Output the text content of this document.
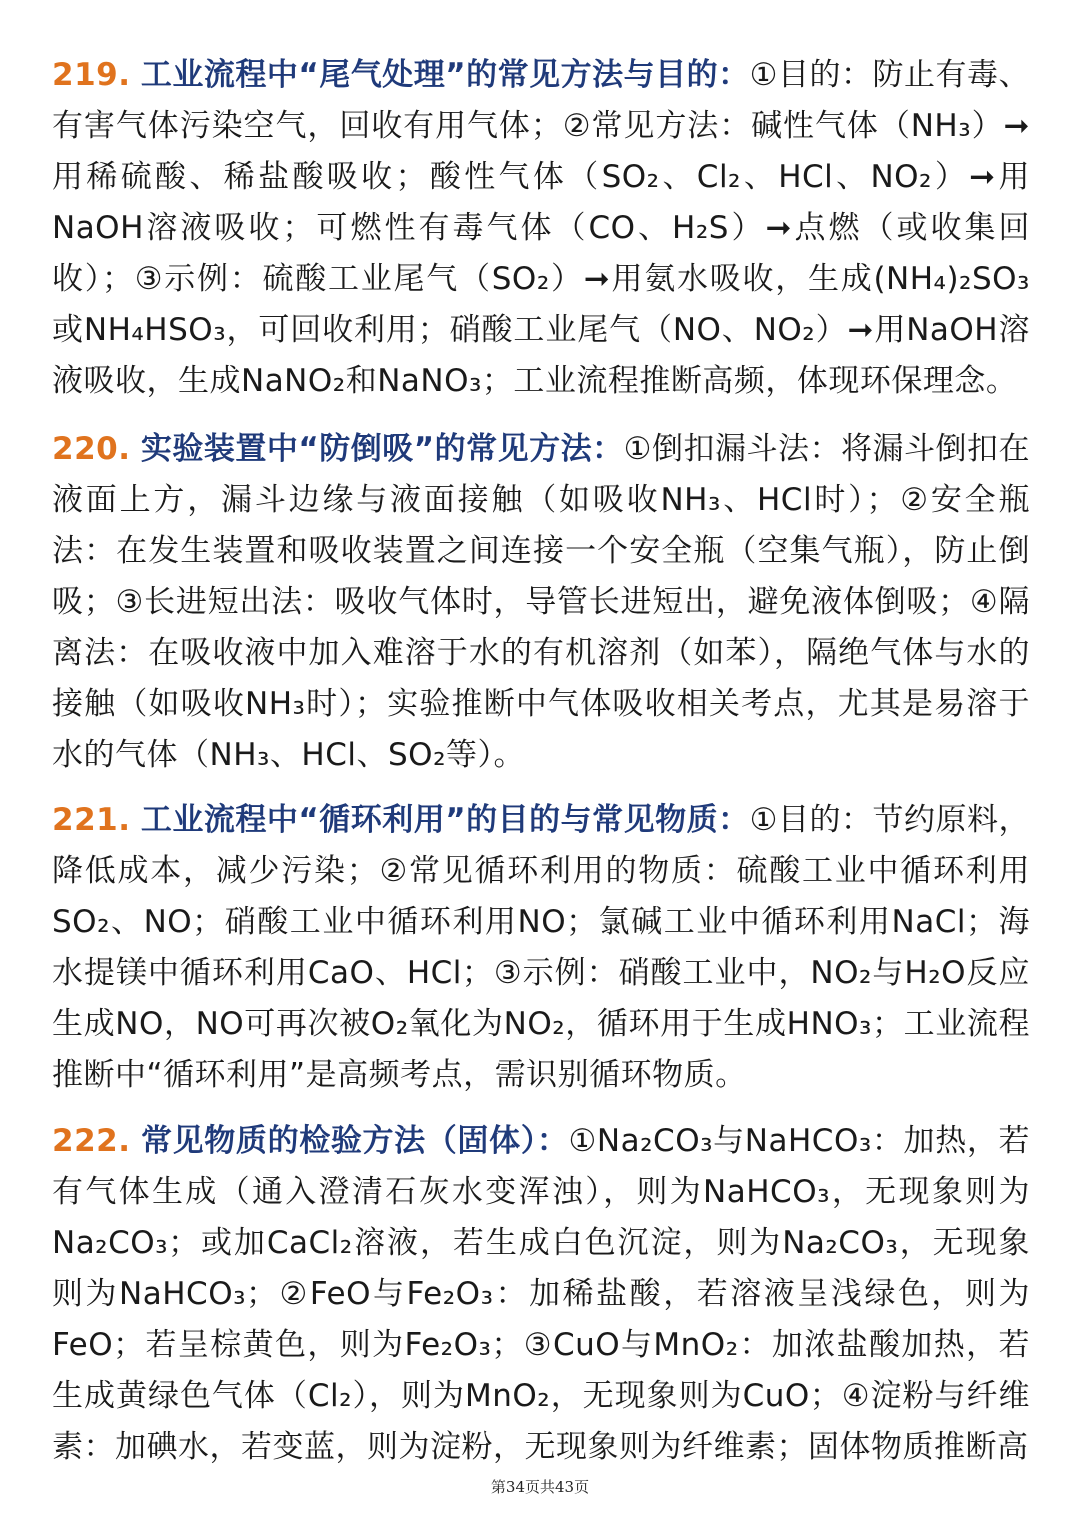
219. 工业流程中“尾气处理”的常见方法与目的：①目的：防止有毒、有害气体污染空气，回收有用气体；②常见方法：碱性气体（NH₃）➞用稀硫酸、稀盐酸吸收；酸性气体（SO₂、Cl₂、HCl、NO₂）➞用NaOH溶液吸收；可燃性有毒气体（CO、H₂S）➞点燃（或收集回收）；③示例：硫酸工业尾气（SO₂）➞用氨水吸收，生成(NH₄)₂SO₃或NH₄HSO₃，可回收利用；硝酸工业尾气（NO、NO₂）➞用NaOH溶液吸收，生成NaNO₂和NaNO₃；工业流程推断高频，体现环保理念。

220. 实验装置中“防倒吸”的常见方法：①倒扣漏斗法：将漏斗倒扣在液面上方，漏斗边缘与液面接触（如吸收NH₃、HCl时）；②安全瓶法：在发生装置和吸收装置之间连接一个安全瓶（空集气瓶），防止倒吸；③长进短出法：吸收气体时，导管长进短出，避免液体倒吸；④隔离法：在吸收液中加入难溶于水的有机溶剂（如苯），隔绝气体与水的接触（如吸收NH₃时）；实验推断中气体吸收相关考点，尤其是易溶于水的气体（NH₃、HCl、SO₂等）。

221. 工业流程中“循环利用”的目的与常见物质：①目的：节约原料，降低成本，减少污染；②常见循环利用的物质：硫酸工业中循环利用SO₂、NO；硝酸工业中循环利用NO；氯碱工业中循环利用NaCl；海水提镁中循环利用CaO、HCl；③示例：硝酸工业中，NO₂与H₂O反应生成NO，NO可再次被O₂氧化为NO₂，循环用于生成HNO₃；工业流程推断中“循环利用”是高频考点，需识别循环物质。

222. 常见物质的检验方法（固体）：①Na₂CO₃与NaHCO₃：加热，若有气体生成（通入澄清石灰水变浑浊），则为NaHCO₃，无现象则为Na₂CO₃；或加CaCl₂溶液，若生成白色沉淀，则为Na₂CO₃，无现象则为NaHCO₃；②FeO与Fe₂O₃：加稀盐酸，若溶液呈浅绿色，则为FeO；若呈棕黄色，则为Fe₂O₃；③CuO与MnO₂：加浓盐酸加热，若生成黄绿色气体（Cl₂），则为MnO₂，无现象则为CuO；④淀粉与纤维素：加碘水，若变蓝，则为淀粉，无现象则为纤维素；固体物质推断高

第34页共43页
